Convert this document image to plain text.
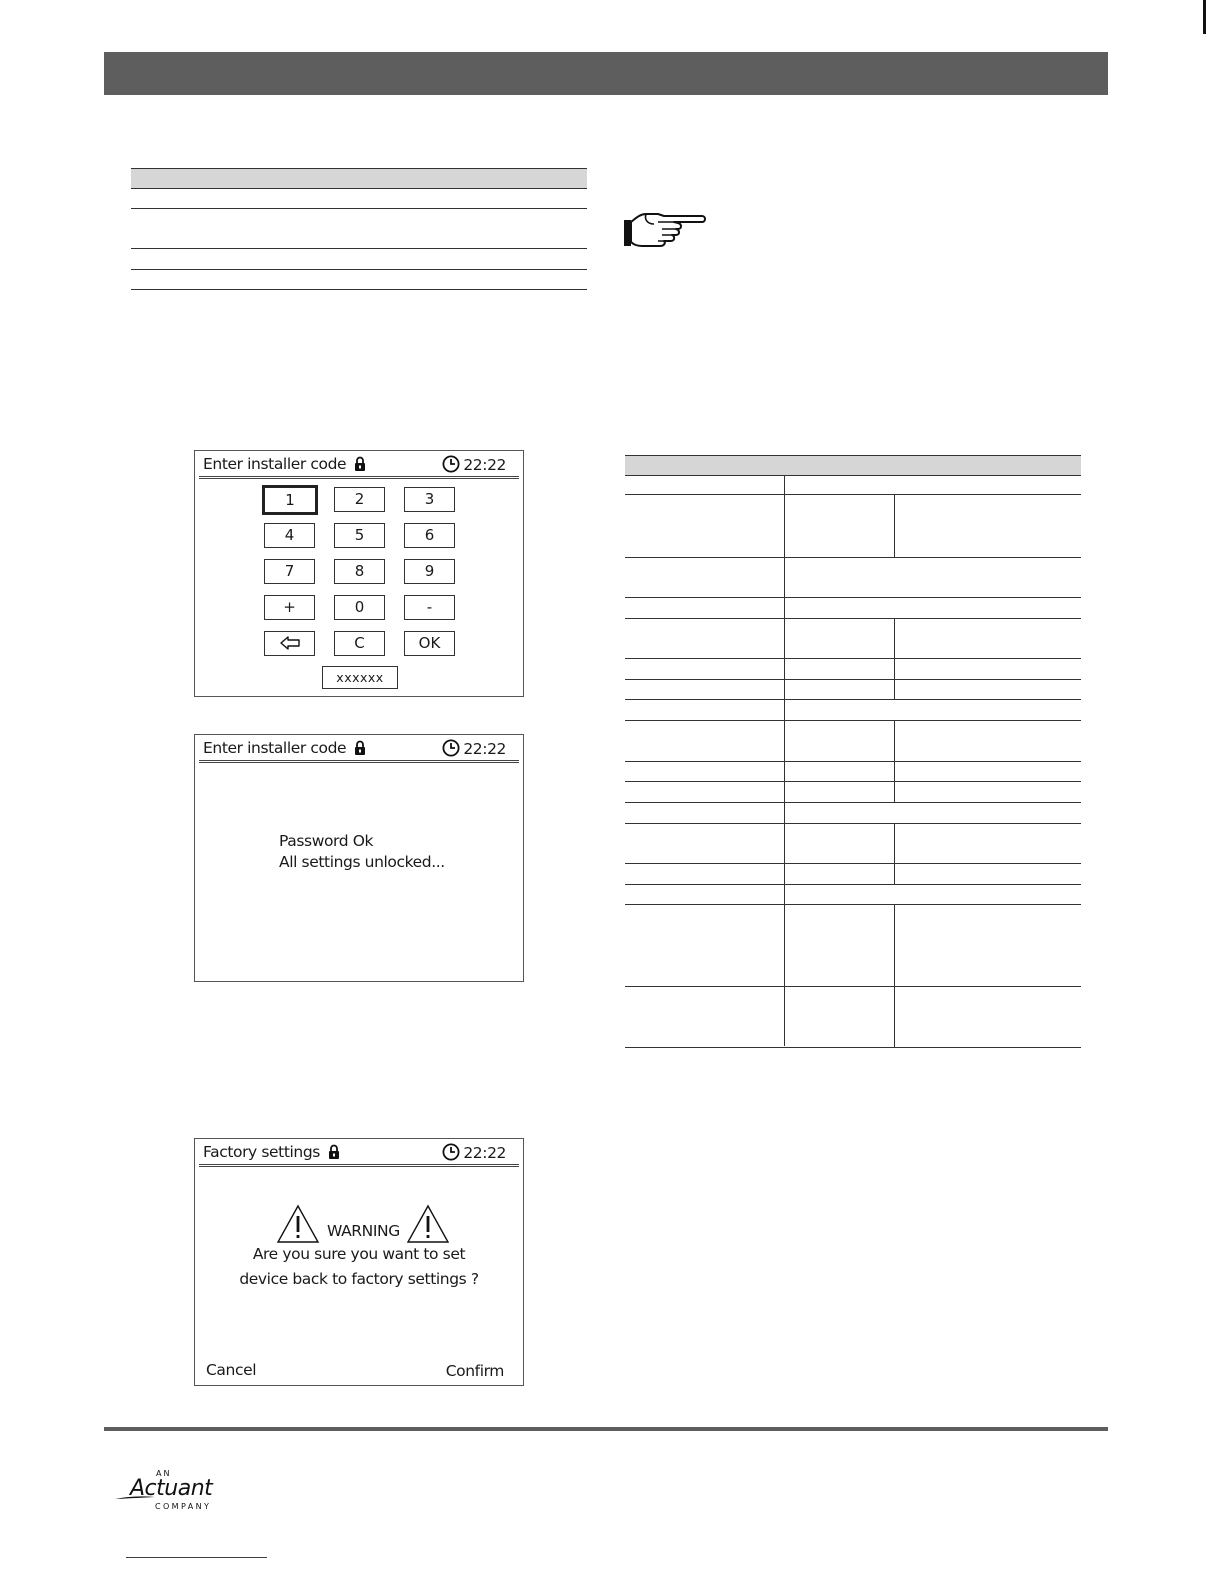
Enter installer code	22:22
1	2	3
4	5	6
7	8	9
+	0	-
C	OK
xxxxxx
Enter installer code	22:22
Password Ok
All settings unlocked...
Factory settings	22:22
WARNING
Are you sure you want to set
device back to factory settings ?
Cancel	Confirm
AN
Actuant
COMPANY
